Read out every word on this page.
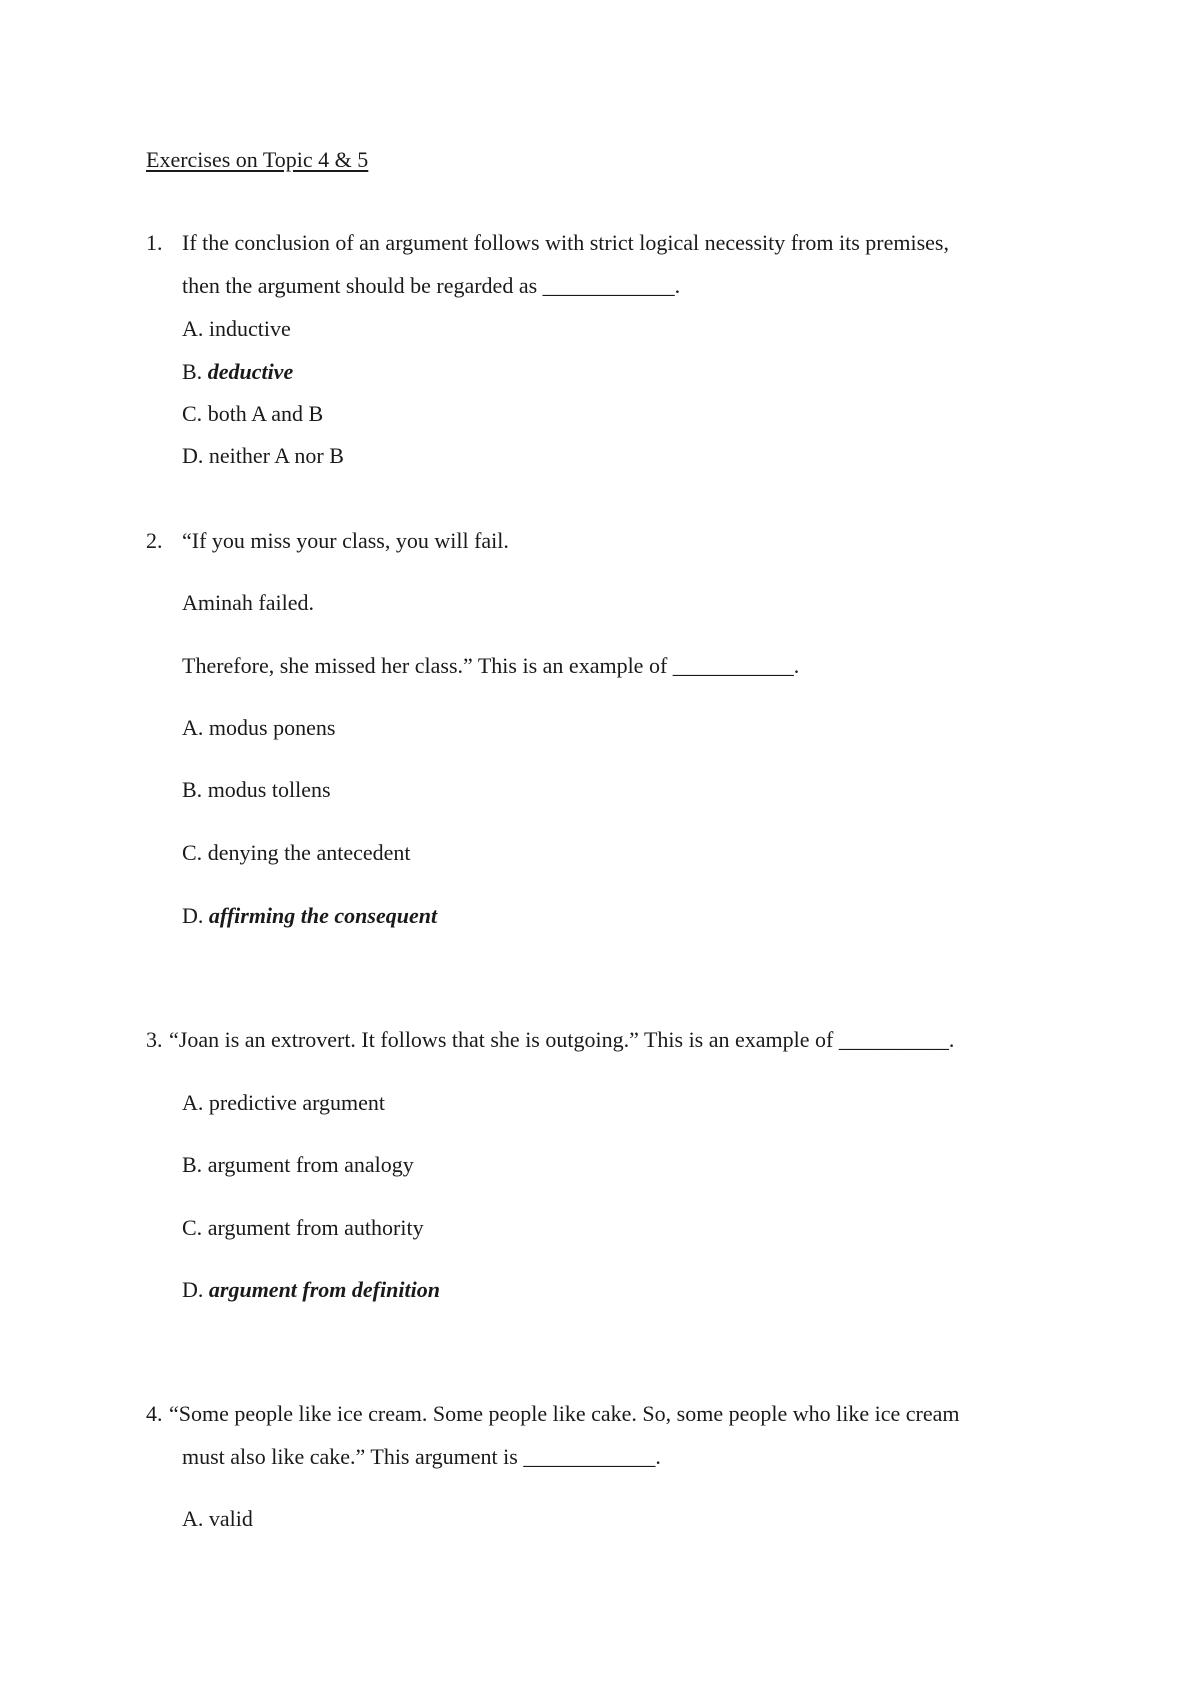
Exercises on Topic 4 & 5
1. If the conclusion of an argument follows with strict logical necessity from its premises,
then the argument should be regarded as ____________.
A. inductive
B. deductive
C. both A and B
D. neither A nor B
2. “If you miss your class, you will fail.
Aminah failed.
Therefore, she missed her class.” This is an example of ___________.
A. modus ponens
B. modus tollens
C. denying the antecedent
D. affirming the consequent
3. “Joan is an extrovert. It follows that she is outgoing.” This is an example of __________.
A. predictive argument
B. argument from analogy
C. argument from authority
D. argument from definition
4. “Some people like ice cream. Some people like cake. So, some people who like ice cream
must also like cake.” This argument is ____________.
A. valid
